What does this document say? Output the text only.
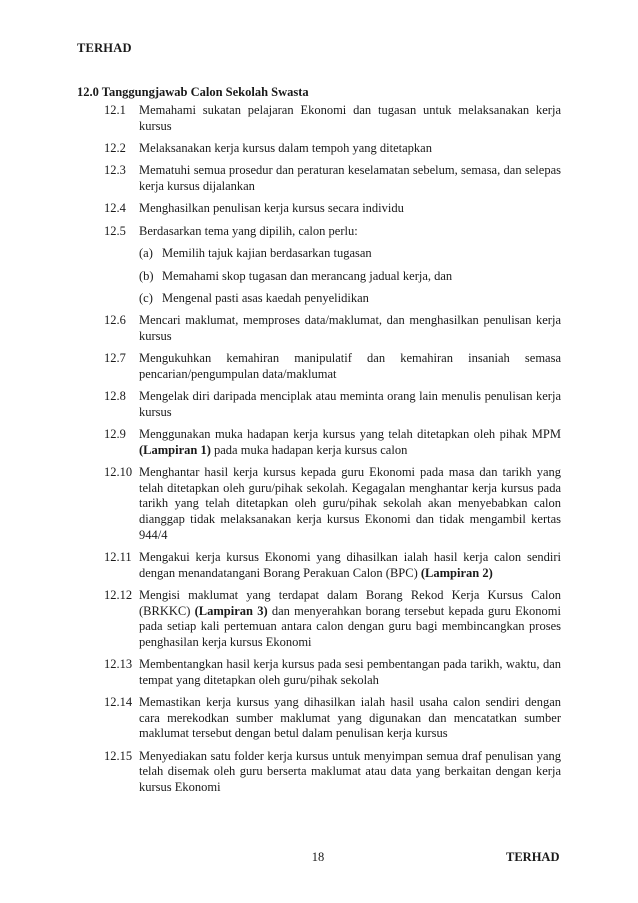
TERHAD
12.0 Tanggungjawab Calon Sekolah Swasta
12.1	Memahami sukatan pelajaran Ekonomi dan tugasan untuk melaksanakan kerja kursus
12.2	Melaksanakan kerja kursus dalam tempoh yang ditetapkan
12.3	Mematuhi semua prosedur dan peraturan keselamatan sebelum, semasa, dan selepas kerja kursus dijalankan
12.4	Menghasilkan penulisan kerja kursus secara individu
12.5	Berdasarkan tema yang dipilih, calon perlu:
(a) Memilih tajuk kajian berdasarkan tugasan
(b) Memahami skop tugasan dan merancang jadual kerja, dan
(c) Mengenal pasti asas kaedah penyelidikan
12.6	Mencari maklumat, memproses data/maklumat, dan menghasilkan penulisan kerja kursus
12.7	Mengukuhkan kemahiran manipulatif dan kemahiran insaniah semasa pencarian/pengumpulan data/maklumat
12.8	Mengelak diri daripada menciplak atau meminta orang lain menulis penulisan kerja kursus
12.9	Menggunakan muka hadapan kerja kursus yang telah ditetapkan oleh pihak MPM (Lampiran 1) pada muka hadapan kerja kursus calon
12.10 Menghantar hasil kerja kursus kepada guru Ekonomi pada masa dan tarikh yang telah ditetapkan oleh guru/pihak sekolah. Kegagalan menghantar kerja kursus pada tarikh yang telah ditetapkan oleh guru/pihak sekolah akan menyebabkan calon dianggap tidak melaksanakan kerja kursus Ekonomi dan tidak mengambil kertas 944/4
12.11 Mengakui kerja kursus Ekonomi yang dihasilkan ialah hasil kerja calon sendiri dengan menandatangani Borang Perakuan Calon (BPC) (Lampiran 2)
12.12 Mengisi maklumat yang terdapat dalam Borang Rekod Kerja Kursus Calon (BRKKC) (Lampiran 3) dan menyerahkan borang tersebut kepada guru Ekonomi pada setiap kali pertemuan antara calon dengan guru bagi membincangkan proses penghasilan kerja kursus Ekonomi
12.13 Membentangkan hasil kerja kursus pada sesi pembentangan pada tarikh, waktu, dan tempat yang ditetapkan oleh guru/pihak sekolah
12.14 Memastikan kerja kursus yang dihasilkan ialah hasil usaha calon sendiri dengan cara merekodkan sumber maklumat yang digunakan dan mencatatkan sumber maklumat tersebut dengan betul dalam penulisan kerja kursus
12.15 Menyediakan satu folder kerja kursus untuk menyimpan semua draf penulisan yang telah disemak oleh guru berserta maklumat atau data yang berkaitan dengan kerja kursus Ekonomi
18	TERHAD
